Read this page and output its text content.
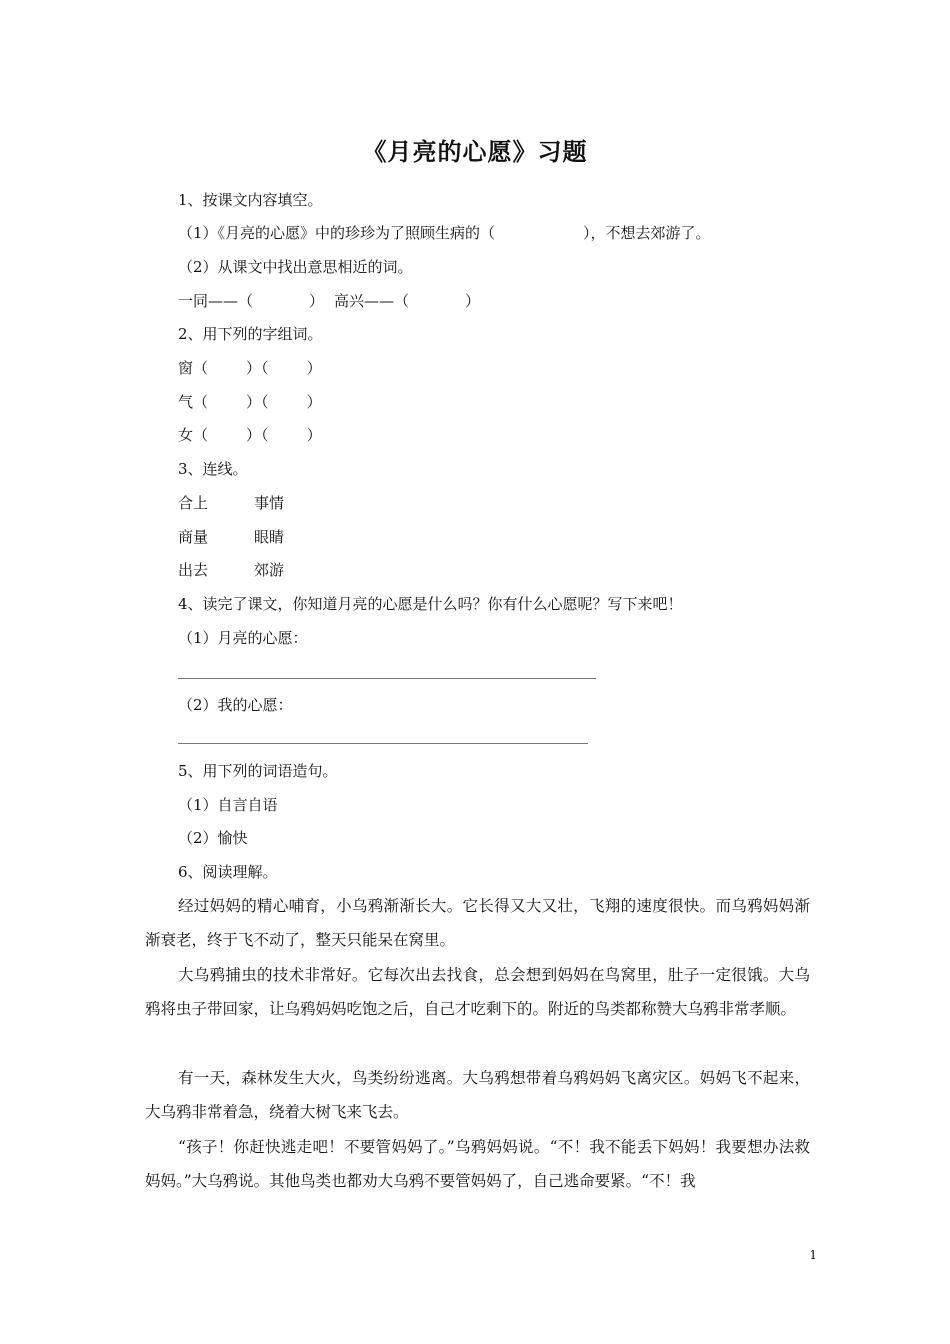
《月亮的心愿》习题
1、按课文内容填空。
（1）《月亮的心愿》中的珍珍为了照顾生病的（	），不想去郊游了。
（2）从课文中找出意思相近的词。
一同——（	） 高兴——（	）
2、用下列的字组词。
窗（	）（	）
气（	）（	）
女（	）（	）
3、连线。
合上	事情
商量	眼睛
出去	郊游
4、读完了课文，你知道月亮的心愿是什么吗？你有什么心愿呢？写下来吧！
（1）月亮的心愿：
（2）我的心愿：
5、用下列的词语造句。
（1）自言自语
（2）愉快
6、阅读理解。
经过妈妈的精心哺育，小乌鸦渐渐长大。它长得又大又壮，飞翔的速度很快。而乌鸦妈妈渐渐衰老，终于飞不动了，整天只能呆在窝里。
大乌鸦捕虫的技术非常好。它每次出去找食，总会想到妈妈在鸟窝里，肚子一定很饿。大乌鸦将虫子带回家，让乌鸦妈妈吃饱之后，自己才吃剩下的。附近的鸟类都称赞大乌鸦非常孝顺。
有一天，森林发生大火，鸟类纷纷逃离。大乌鸦想带着乌鸦妈妈飞离灾区。妈妈飞不起来，大乌鸦非常着急，绕着大树飞来飞去。
“孩子！你赶快逃走吧！不要管妈妈了。”乌鸦妈妈说。“不！我不能丢下妈妈！我要想办法救妈妈。”大乌鸦说。其他鸟类也都劝大乌鸦不要管妈妈了，自己逃命要紧。“不！我
1
